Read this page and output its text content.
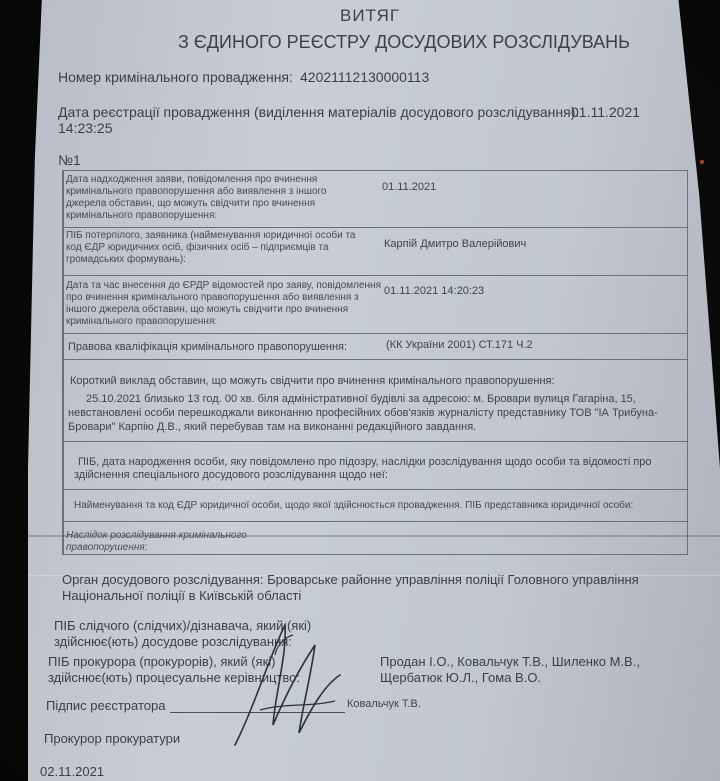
ВИТЯГ
З ЄДИНОГО РЕЄСТРУ ДОСУДОВИХ РОЗСЛІДУВАНЬ
Номер кримінального провадження: 42021112130000113
Дата реєстрації провадження (виділення матеріалів досудового розслідування):
01.11.2021
14:23:25
№1
Дата надходження заяви, повідомлення про вчинення кримінального правопорушення або виявлення з іншого джерела обставин, що можуть свідчити про вчинення кримінального правопорушення:
01.11.2021
ПІБ потерпілого, заявника (найменування юридичної особи та код ЄДР юридичних осіб, фізичних осіб – підприємців та громадських формувань):
Карпій Дмитро Валерійович
Дата та час внесення до ЄРДР відомостей про заяву, повідомлення про вчинення кримінального правопорушення або виявлення з іншого джерела обставин, що можуть свідчити про вчинення кримінального правопорушення:
01.11.2021 14:20:23
Правова кваліфікація кримінального правопорушення:	(КК України 2001) СТ.171 Ч.2
Короткий виклад обставин, що можуть свідчити про вчинення кримінального правопорушення:
25.10.2021 близько 13 год. 00 хв. біля адміністративної будівлі за адресою: м. Бровари вулиця Гагаріна, 15, невстановлені особи перешкоджали виконанню професійних обов'язків журналісту представнику ТОВ "ІА Трибуна-Бровари" Карпію Д.В., який перебував там на виконанні редакційного завдання.
ПІБ, дата народження особи, яку повідомлено про підозру, наслідки розслідування щодо особи та відомості про здійснення спеціального досудового розслідування щодо неї:
Найменування та код ЄДР юридичної особи, щодо якої здійснюється провадження. ПІБ представника юридичної особи:
Наслідок розслідування кримінального правопорушення:
Орган досудового розслідування: Броварське районне управління поліції Головного управління Національної поліції в Київській області
ПІБ слідчого (слідчих)/дізнавача, який (які) здійснює(ють) досудове розслідування:
ПІБ прокурора (прокурорів), який (які) здійснює(ють) процесуальне керівництво:
Продан І.О., Ковальчук Т.В., Шиленко М.В., Щербатюк Ю.Л., Гома В.О.
Підпис реєстратора	Ковальчук Т.В.
Прокурор прокуратури
02.11.2021
